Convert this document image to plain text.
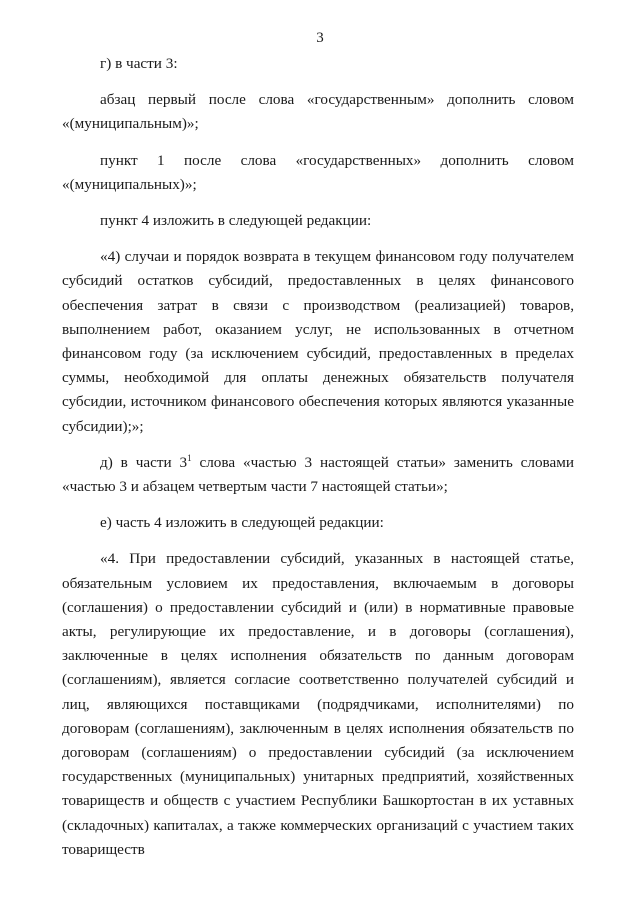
3

г) в части 3:

абзац первый после слова «государственным» дополнить словом «(муниципальным)»;

пункт 1 после слова «государственных» дополнить словом «(муниципальных)»;

пункт 4 изложить в следующей редакции:

«4) случаи и порядок возврата в текущем финансовом году получателем субсидий остатков субсидий, предоставленных в целях финансового обеспечения затрат в связи с производством (реализацией) товаров, выполнением работ, оказанием услуг, не использованных в отчетном финансовом году (за исключением субсидий, предоставленных в пределах суммы, необходимой для оплаты денежных обязательств получателя субсидии, источником финансового обеспечения которых являются указанные субсидии);»;

д) в части $3^1$ слова «частью 3 настоящей статьи» заменить словами «частью 3 и абзацем четвертым части 7 настоящей статьи»;

е) часть 4 изложить в следующей редакции:

«4. При предоставлении субсидий, указанных в настоящей статье, обязательным условием их предоставления, включаемым в договоры (соглашения) о предоставлении субсидий и (или) в нормативные правовые акты, регулирующие их предоставление, и в договоры (соглашения), заключенные в целях исполнения обязательств по данным договорам (соглашениям), является согласие соответственно получателей субсидий и лиц, являющихся поставщиками (подрядчиками, исполнителями) по договорам (соглашениям), заключенным в целях исполнения обязательств по договорам (соглашениям) о предоставлении субсидий (за исключением государственных (муниципальных) унитарных предприятий, хозяйственных товариществ и обществ с участием Республики Башкортостан в их уставных (складочных) капиталах, а также коммерческих организаций с участием таких товариществ
